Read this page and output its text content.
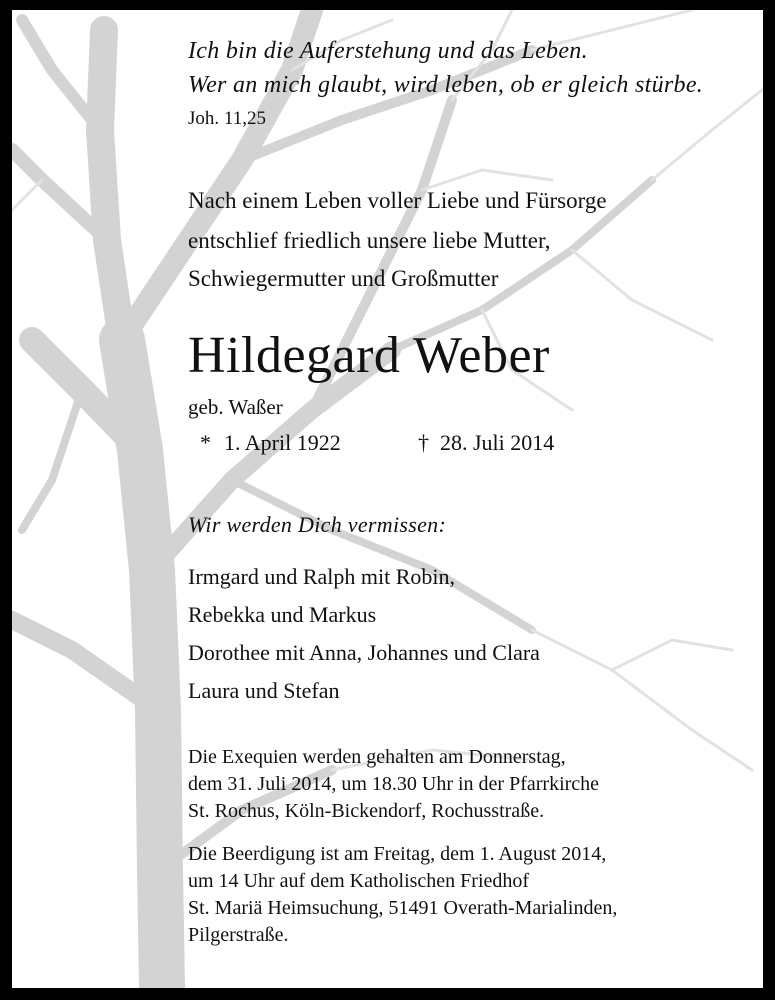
Ich bin die Auferstehung und das Leben.
Wer an mich glaubt, wird leben, ob er gleich stürbe.
Joh. 11,25
Nach einem Leben voller Liebe und Fürsorge
entschlief friedlich unsere liebe Mutter,
Schwiegermutter und Großmutter
Hildegard Weber
geb. Waßer
* 1. April 1922	† 28. Juli 2014
Wir werden Dich vermissen:
Irmgard und Ralph mit Robin,
Rebekka und Markus
Dorothee mit Anna, Johannes und Clara
Laura und Stefan
Die Exequien werden gehalten am Donnerstag,
dem 31. Juli 2014, um 18.30 Uhr in der Pfarrkirche
St. Rochus, Köln-Bickendorf, Rochusstraße.
Die Beerdigung ist am Freitag, dem 1. August 2014,
um 14 Uhr auf dem Katholischen Friedhof
St. Mariä Heimsuchung, 51491 Overath-Marialinden,
Pilgerstraße.
